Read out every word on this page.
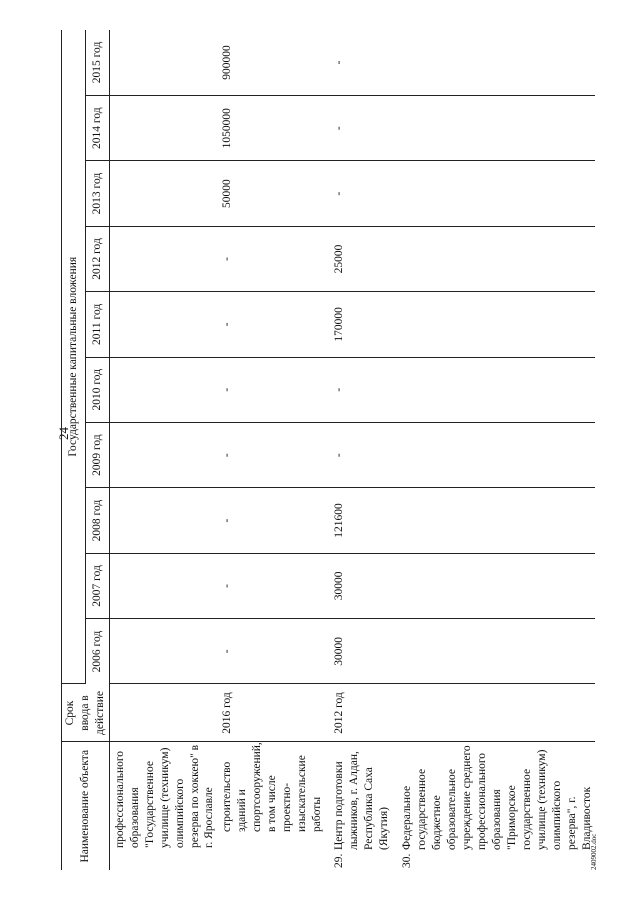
24
Наименование объекта	Срок ввода в действие	Государственные капитальные вложения									
		2006 год	2007 год	2008 год	2009 год	2010 год	2011 год	2012 год	2013 год	2014 год	2015 год

профессионального образования "Государственное училище (техникум) олимпийского резерва по хоккею" в г. Ярославле											

строительство зданий и спортсооружений, в том числе проектно-изыскательские работы	2016 год	-	-	-	-	-	-	-	50000	1050000	900000

29.
Центр подготовки лыжников, г. Алдан, Республика Саха (Якутия)	2012 год	30000	30000	121600	-	-	170000	25000	-	-	-

30.
Федеральное государственное бюджетное образовательное учреждение среднего профессионального образования "Приморское государственное училище (техникум) олимпийского резерва", г. Владивосток											

2409002.doc
